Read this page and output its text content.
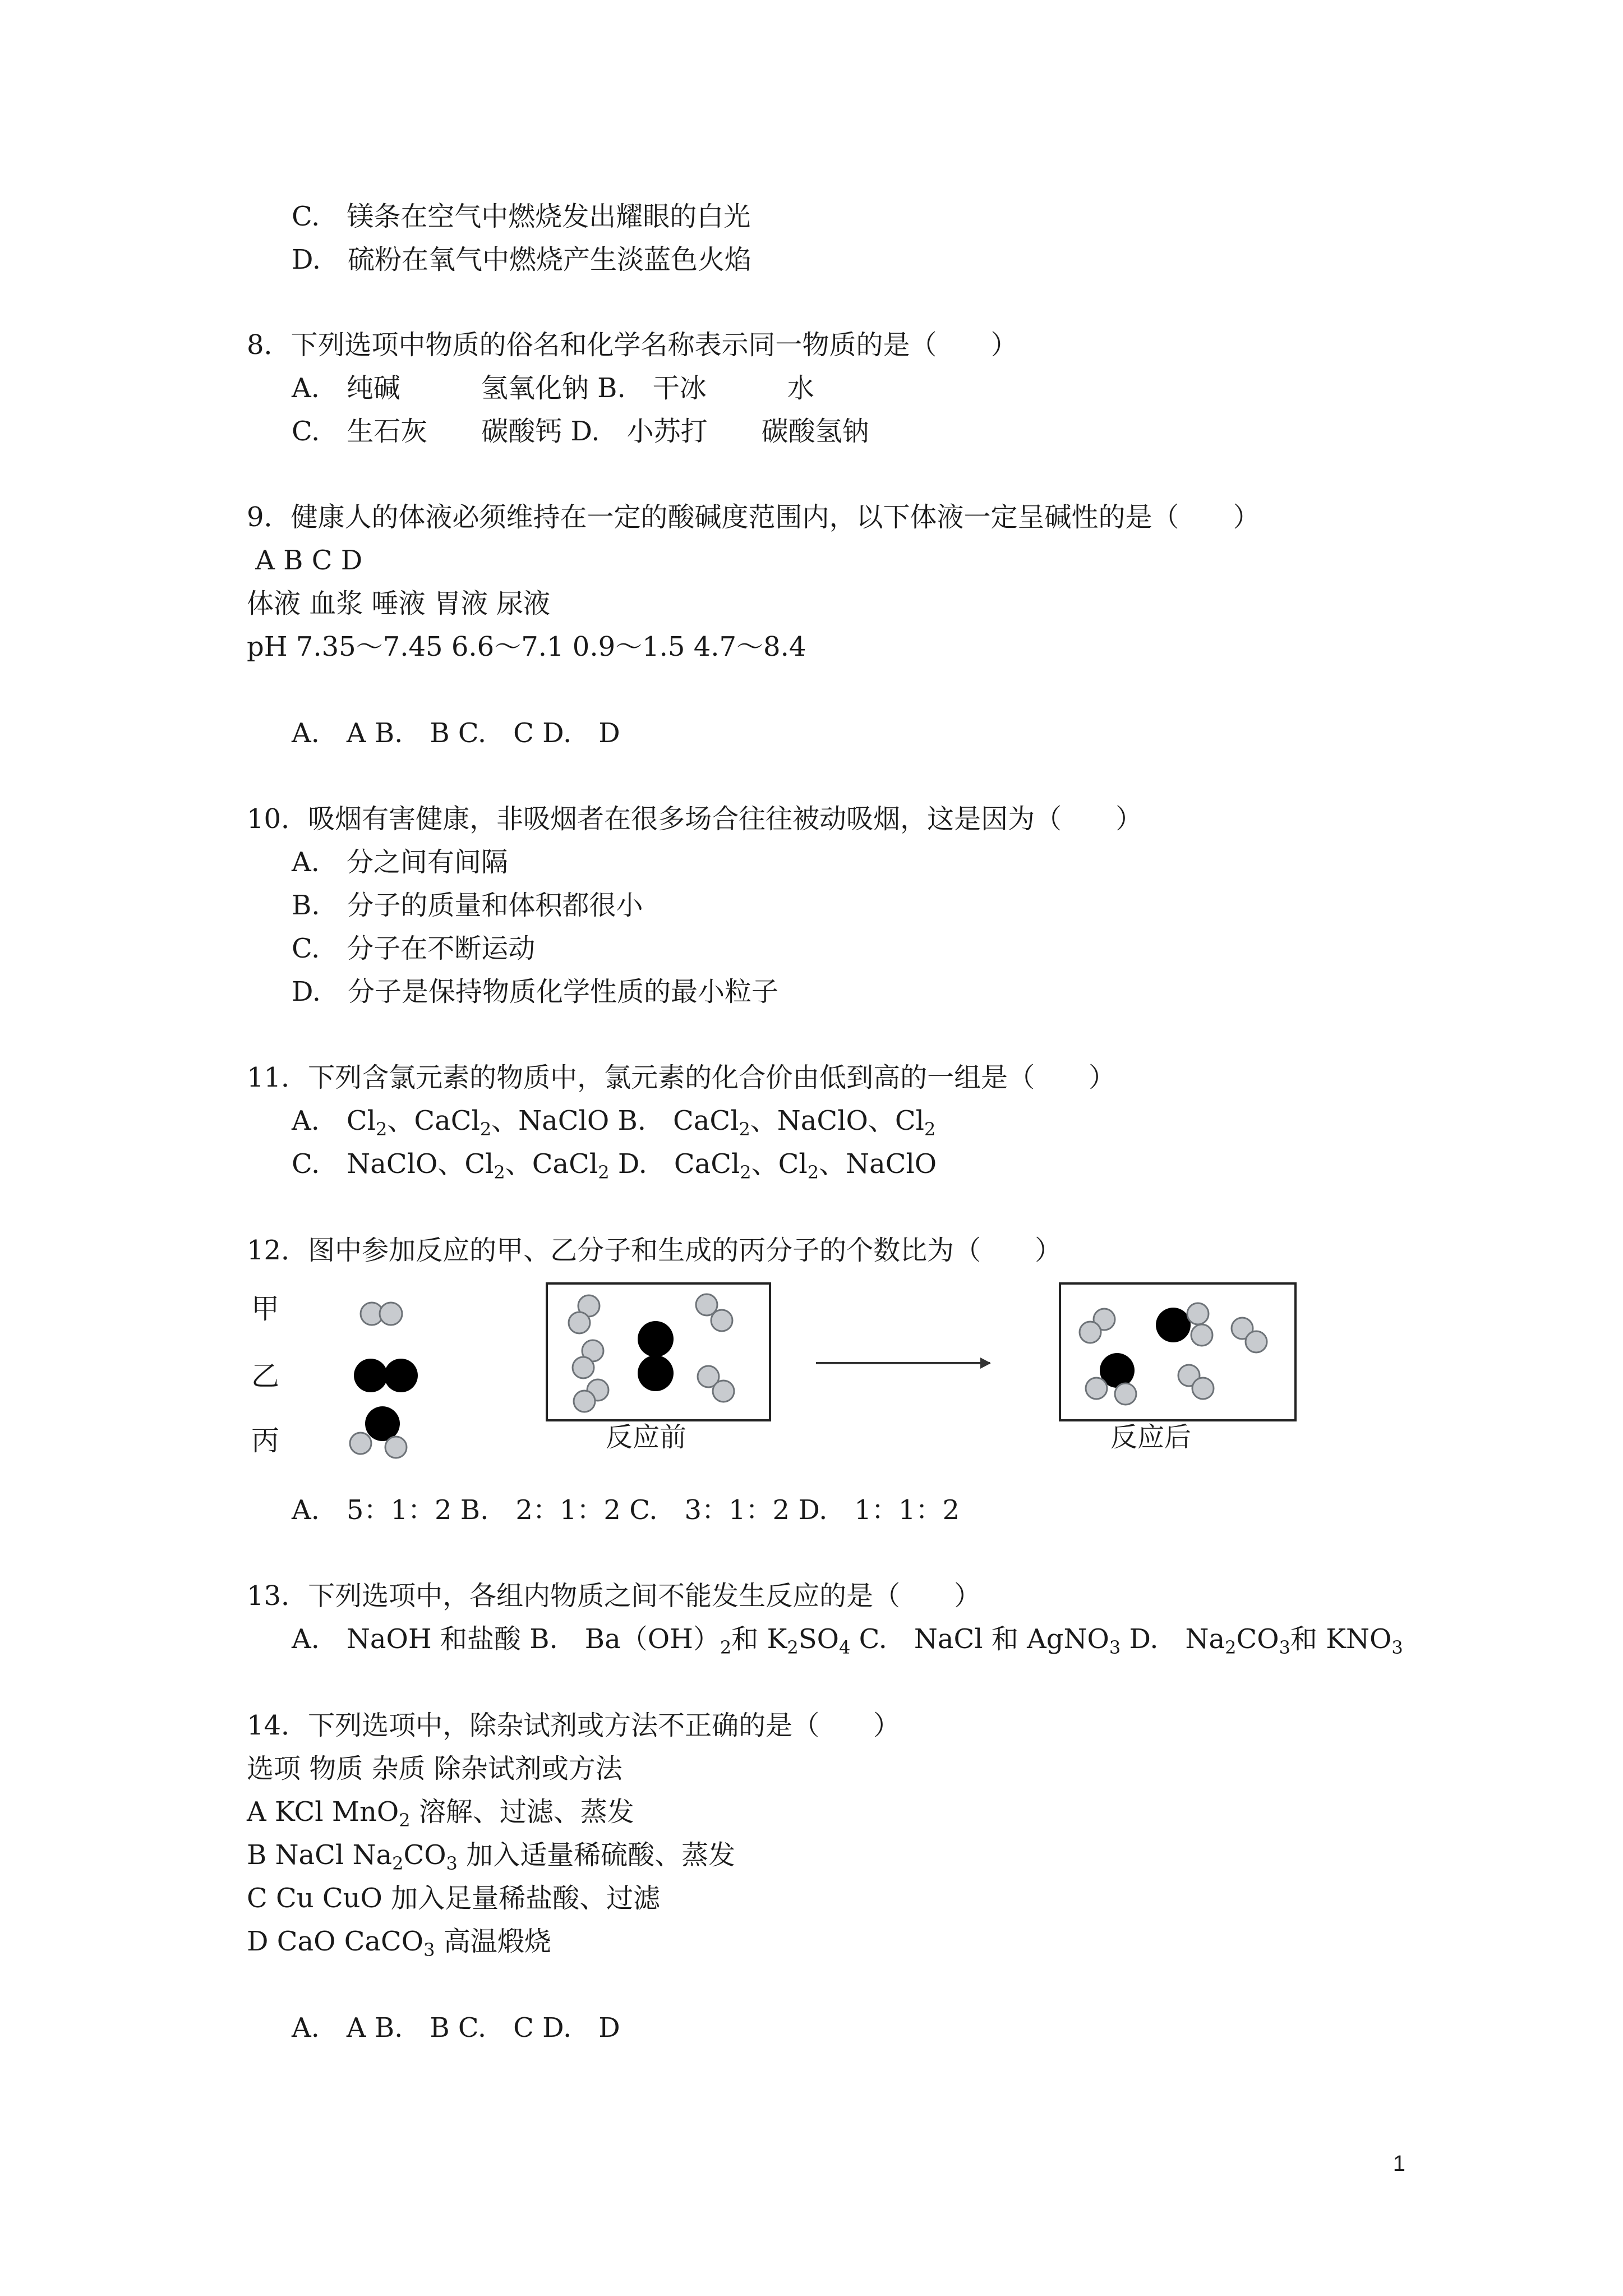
C.　镁条在空气中燃烧发出耀眼的白光
D.　硫粉在氧气中燃烧产生淡蓝色火焰
8．下列选项中物质的俗名和化学名称表示同一物质的是（　　）
A.　纯碱　　　氢氧化钠 B.　干冰　　　水
C.　生石灰　　碳酸钙 D.　小苏打　　碳酸氢钠
9．健康人的体液必须维持在一定的酸碱度范围内，以下体液一定呈碱性的是（　　）
A B C D
体液 血浆 唾液 胃液 尿液
pH 7.35～7.45 6.6～7.1 0.9～1.5 4.7～8.4
A.　A B.　B C.　C D.　D
10．吸烟有害健康，非吸烟者在很多场合往往被动吸烟，这是因为（　　）
A.　分之间有间隔
B.　分子的质量和体积都很小
C.　分子在不断运动
D.　分子是保持物质化学性质的最小粒子
11．下列含氯元素的物质中，氯元素的化合价由低到高的一组是（　　）
A.　$Cl_2$、CaCl$_2$、NaClO B.　CaCl$_2$、NaClO、$Cl_2$
C.　NaClO、$Cl_2$、CaCl$_2$ D.　CaCl$_2$、$Cl_2$、NaClO
12．图中参加反应的甲、乙分子和生成的丙分子的个数比为（　　）
甲
乙
丙	反应前	反应后
A.　5：1：2 B.　2：1：2 C.　3：1：2 D.　1：1：2
13．下列选项中，各组内物质之间不能发生反应的是（　　）
A.　NaOH 和盐酸 B.　$Ba(OH)_2$和 $K_2SO_4$ C.　NaCl 和 AgNO$_3$ D.　$Na_2CO_3$和 $KNO_3$
14．下列选项中，除杂试剂或方法不正确的是（　　）
选项 物质 杂质 除杂试剂或方法
A KCl MnO$_2$ 溶解、过滤、蒸发
B NaCl $Na_2CO_3$ 加入适量稀硫酸、蒸发
C Cu CuO 加入足量稀盐酸、过滤
D CaO CaCO$_3$ 高温煅烧
A.　A B.　B C.　C D.　D
1
